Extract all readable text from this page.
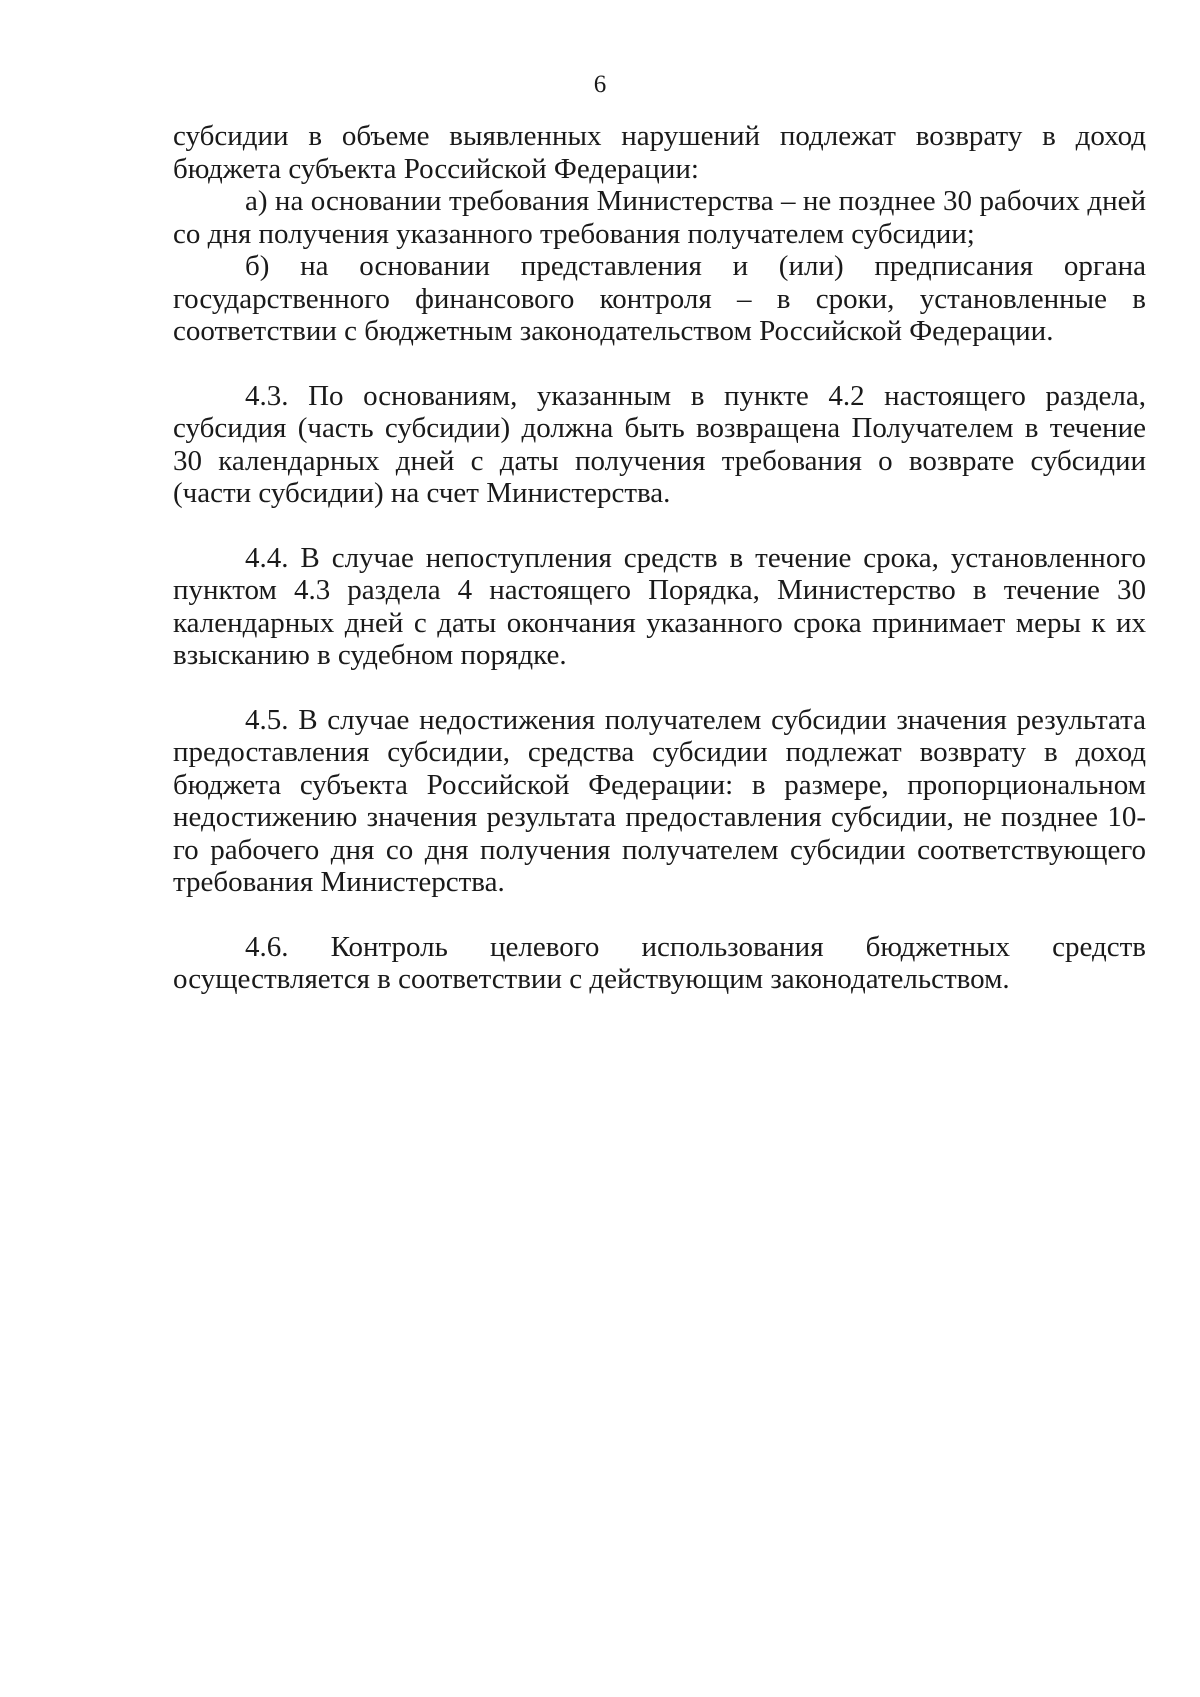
6

субсидии в объеме выявленных нарушений подлежат возврату в доход бюджета субъекта Российской Федерации:

а) на основании требования Министерства – не позднее 30 рабочих дней со дня получения указанного требования получателем субсидии;

б) на основании представления и (или) предписания органа государственного финансового контроля – в сроки, установленные в соответствии с бюджетным законодательством Российской Федерации.

4.3. По основаниям, указанным в пункте 4.2 настоящего раздела, субсидия (часть субсидии) должна быть возвращена Получателем в течение 30 календарных дней с даты получения требования о возврате субсидии (части субсидии) на счет Министерства.

4.4. В случае непоступления средств в течение срока, установленного пунктом 4.3 раздела 4 настоящего Порядка, Министерство в течение 30 календарных дней с даты окончания указанного срока принимает меры к их взысканию в судебном порядке.

4.5. В случае недостижения получателем субсидии значения результата предоставления субсидии, средства субсидии подлежат возврату в доход бюджета субъекта Российской Федерации: в размере, пропорциональном недостижению значения результата предоставления субсидии, не позднее 10-го рабочего дня со дня получения получателем субсидии соответствующего требования Министерства.

4.6. Контроль целевого использования бюджетных средств осуществляется в соответствии с действующим законодательством.
